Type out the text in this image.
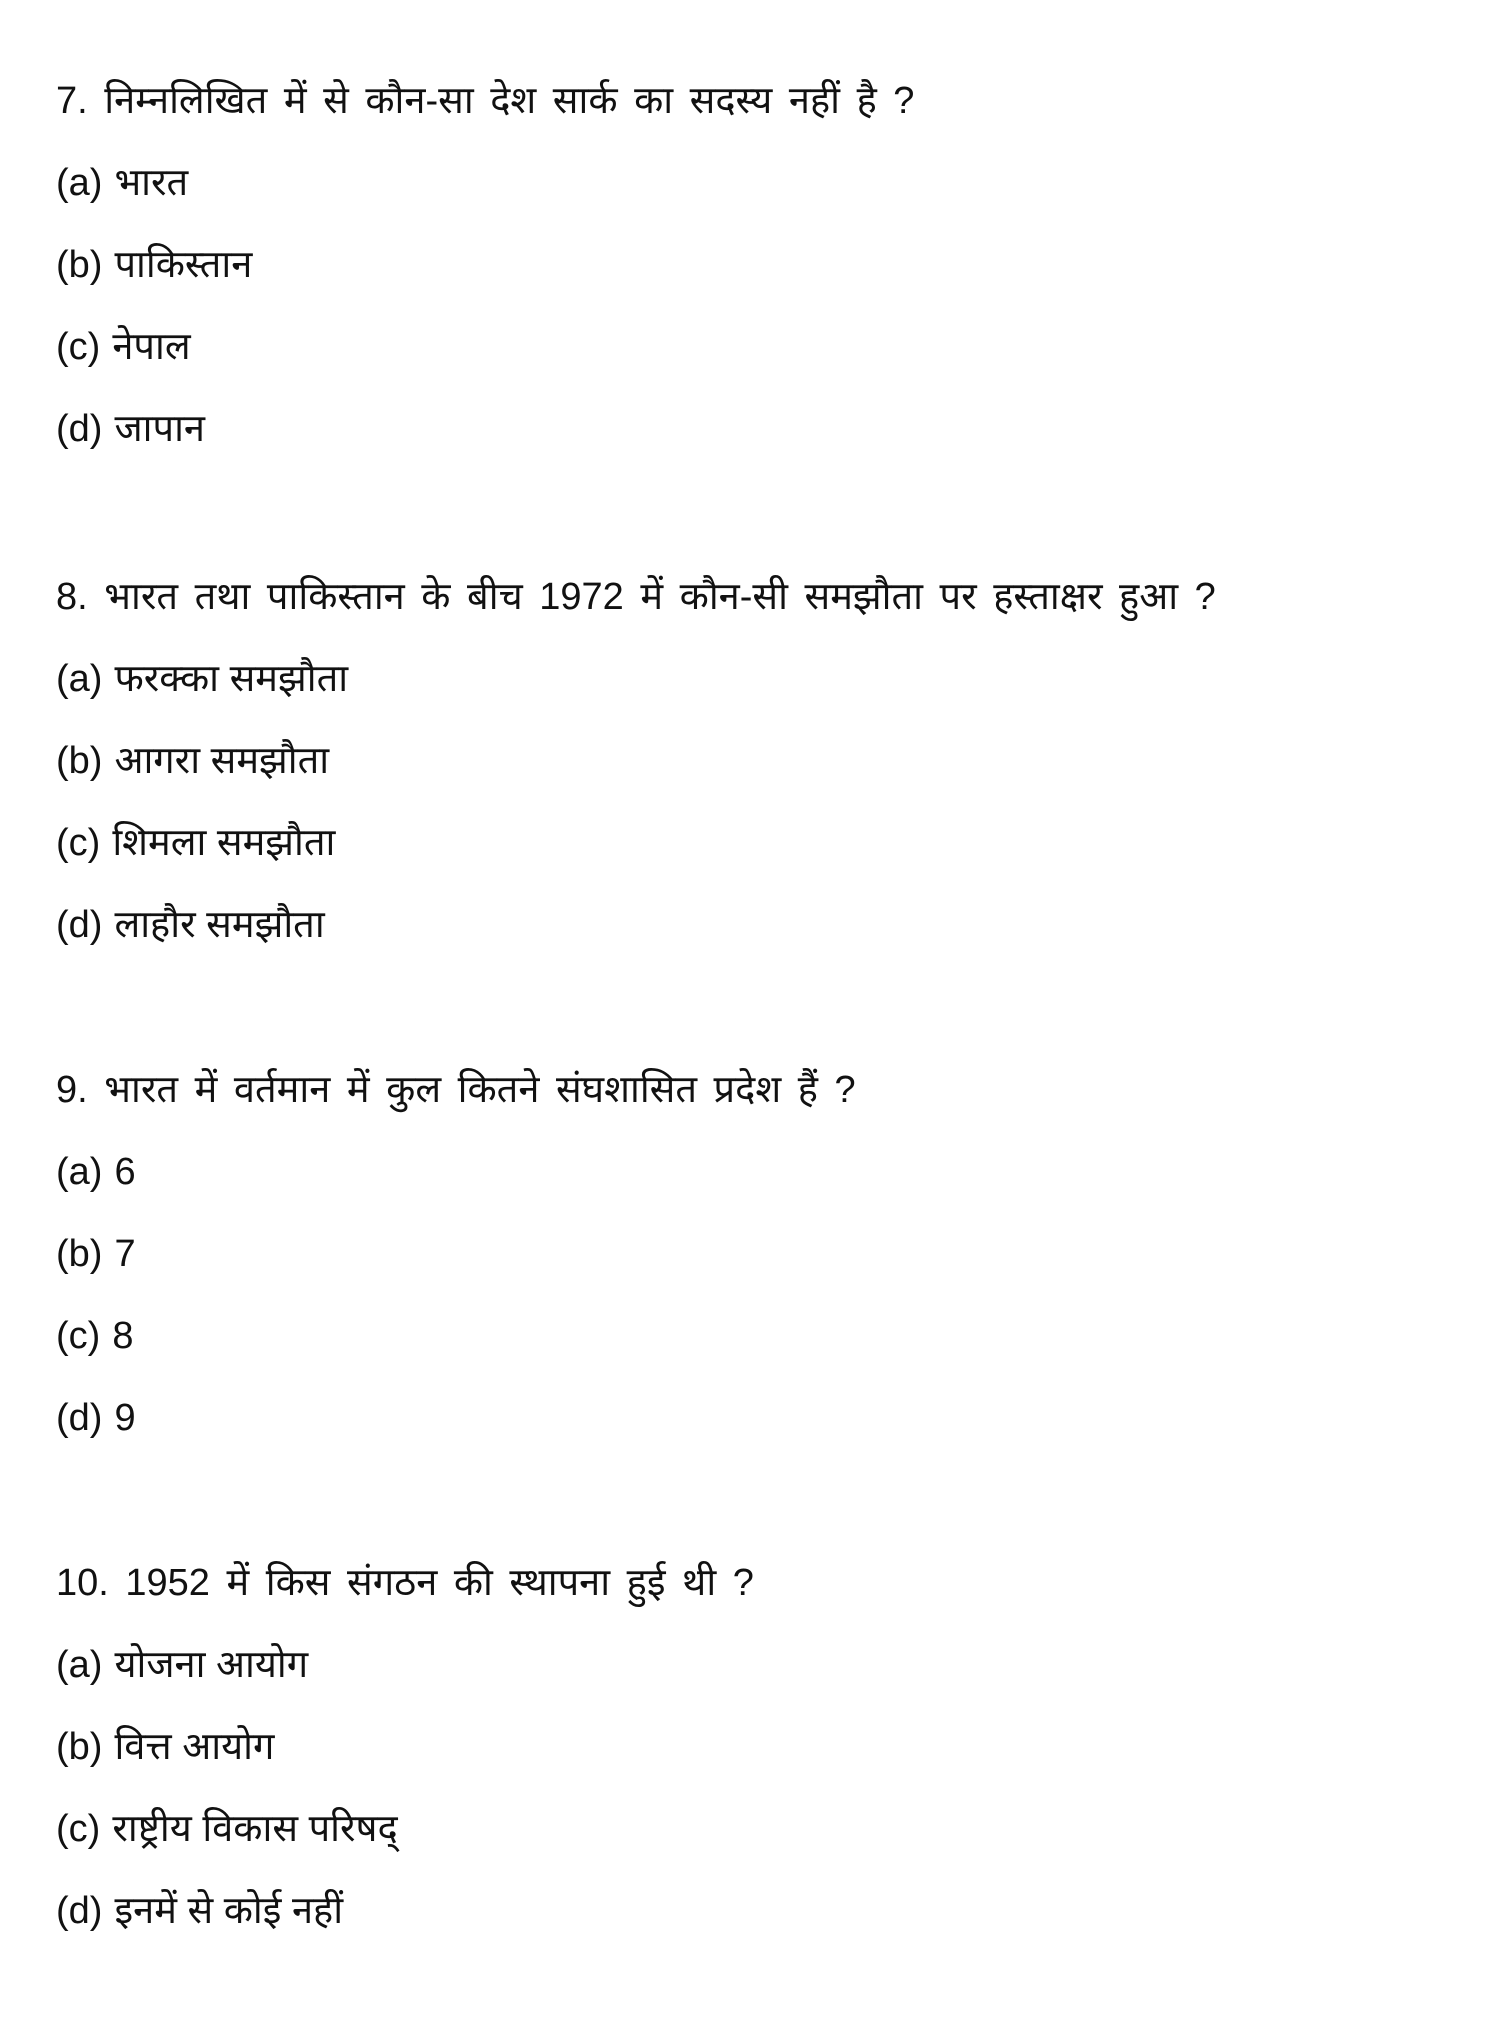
7. निम्नलिखित में से कौन-सा देश सार्क का सदस्य नहीं है ?
(a) भारत
(b) पाकिस्तान
(c) नेपाल
(d) जापान
8. भारत तथा पाकिस्तान के बीच 1972 में कौन-सी समझौता पर हस्ताक्षर हुआ ?
(a) फरक्का समझौता
(b) आगरा समझौता
(c) शिमला समझौता
(d) लाहौर समझौता
9. भारत में वर्तमान में कुल कितने संघशासित प्रदेश हैं ?
(a) 6
(b) 7
(c) 8
(d) 9
10. 1952 में किस संगठन की स्थापना हुई थी ?
(a) योजना आयोग
(b) वित्त आयोग
(c) राष्ट्रीय विकास परिषद्
(d) इनमें से कोई नहीं
